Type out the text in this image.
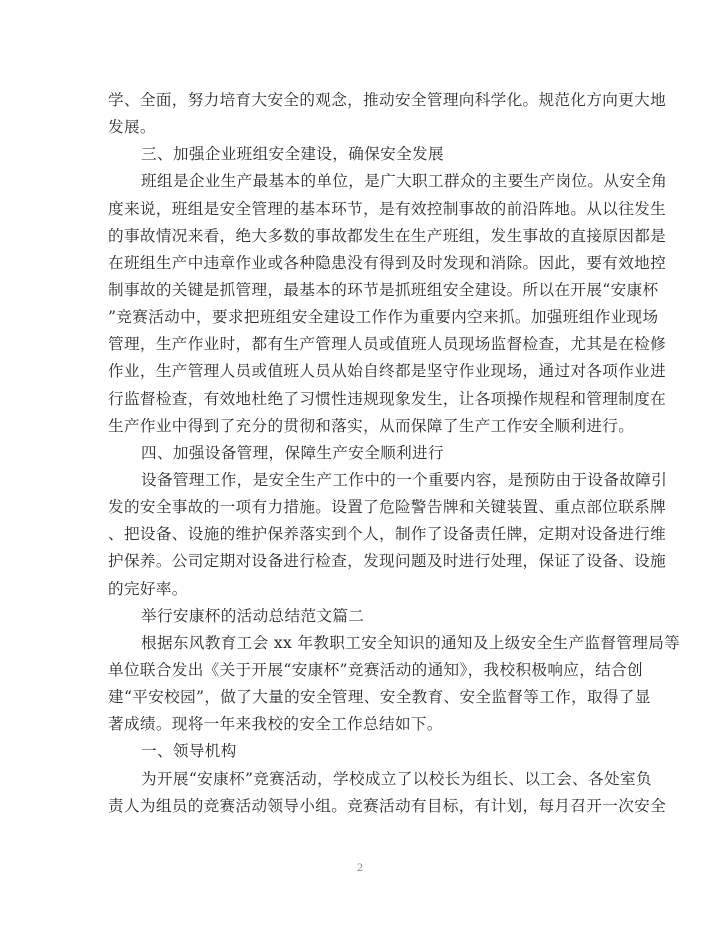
学、全面，努力培育大安全的观念，推动安全管理向科学化。规范化方向更大地
发展。
三、加强企业班组安全建设，确保安全发展
班组是企业生产最基本的单位，是广大职工群众的主要生产岗位。从安全角
度来说，班组是安全管理的基本环节，是有效控制事故的前沿阵地。从以往发生
的事故情况来看，绝大多数的事故都发生在生产班组，发生事故的直接原因都是
在班组生产中违章作业或各种隐患没有得到及时发现和消除。因此，要有效地控
制事故的关键是抓管理，最基本的环节是抓班组安全建设。所以在开展“安康杯
”竞赛活动中，要求把班组安全建设工作作为重要内空来抓。加强班组作业现场
管理，生产作业时，都有生产管理人员或值班人员现场监督检查，尤其是在检修
作业，生产管理人员或值班人员从始自终都是坚守作业现场，通过对各项作业进
行监督检查，有效地杜绝了习惯性违规现象发生，让各项操作规程和管理制度在
生产作业中得到了充分的贯彻和落实，从而保障了生产工作安全顺利进行。
四、加强设备管理，保障生产安全顺利进行
设备管理工作，是安全生产工作中的一个重要内容，是预防由于设备故障引
发的安全事故的一项有力措施。设置了危险警告牌和关键装置、重点部位联系牌
、把设备、设施的维护保养落实到个人，制作了设备责任牌，定期对设备进行维
护保养。公司定期对设备进行检查，发现问题及时进行处理，保证了设备、设施
的完好率。
举行安康杯的活动总结范文篇二
根据东风教育工会 xx 年教职工安全知识的通知及上级安全生产监督管理局等
单位联合发出《关于开展“安康杯”竞赛活动的通知》，我校积极响应，结合创
建“平安校园”，做了大量的安全管理、安全教育、安全监督等工作，取得了显
著成绩。现将一年来我校的安全工作总结如下。
一、领导机构
为开展“安康杯”竞赛活动，学校成立了以校长为组长、以工会、各处室负
责人为组员的竞赛活动领导小组。竞赛活动有目标，有计划，每月召开一次安全
2
